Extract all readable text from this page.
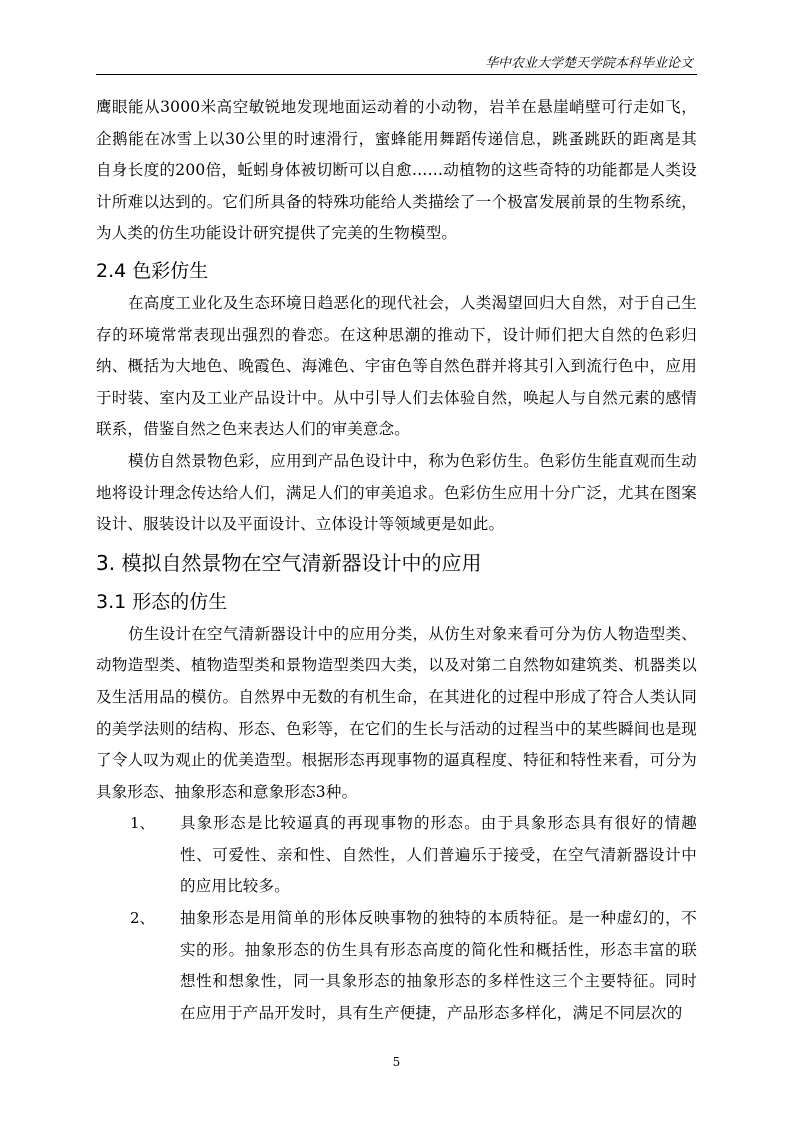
华中农业大学楚天学院本科毕业论文

鹰眼能从3000米高空敏锐地发现地面运动着的小动物，岩羊在悬崖峭壁可行走如飞，企鹅能在冰雪上以30公里的时速滑行，蜜蜂能用舞蹈传递信息，跳蚤跳跃的距离是其自身长度的200倍，蚯蚓身体被切断可以自愈……动植物的这些奇特的功能都是人类设计所难以达到的。它们所具备的特殊功能给人类描绘了一个极富发展前景的生物系统，为人类的仿生功能设计研究提供了完美的生物模型。

2.4 色彩仿生

在高度工业化及生态环境日趋恶化的现代社会，人类渴望回归大自然，对于自己生存的环境常常表现出强烈的眷恋。在这种思潮的推动下，设计师们把大自然的色彩归纳、概括为大地色、晚霞色、海滩色、宇宙色等自然色群并将其引入到流行色中，应用于时装、室内及工业产品设计中。从中引导人们去体验自然，唤起人与自然元素的感情联系，借鉴自然之色来表达人们的审美意念。

模仿自然景物色彩，应用到产品色设计中，称为色彩仿生。色彩仿生能直观而生动地将设计理念传达给人们，满足人们的审美追求。色彩仿生应用十分广泛，尤其在图案设计、服装设计以及平面设计、立体设计等领域更是如此。

3. 模拟自然景物在空气清新器设计中的应用
3.1 形态的仿生

仿生设计在空气清新器设计中的应用分类，从仿生对象来看可分为仿人物造型类、动物造型类、植物造型类和景物造型类四大类，以及对第二自然物如建筑类、机器类以及生活用品的模仿。自然界中无数的有机生命，在其进化的过程中形成了符合人类认同的美学法则的结构、形态、色彩等，在它们的生长与活动的过程当中的某些瞬间也是现了令人叹为观止的优美造型。根据形态再现事物的逼真程度、特征和特性来看，可分为具象形态、抽象形态和意象形态3种。

1、 具象形态是比较逼真的再现事物的形态。由于具象形态具有很好的情趣性、可爱性、亲和性、自然性，人们普遍乐于接受，在空气清新器设计中的应用比较多。

2、 抽象形态是用简单的形体反映事物的独特的本质特征。是一种虚幻的，不实的形。抽象形态的仿生具有形态高度的简化性和概括性，形态丰富的联想性和想象性，同一具象形态的抽象形态的多样性这三个主要特征。同时在应用于产品开发时，具有生产便捷，产品形态多样化，满足不同层次的

5
